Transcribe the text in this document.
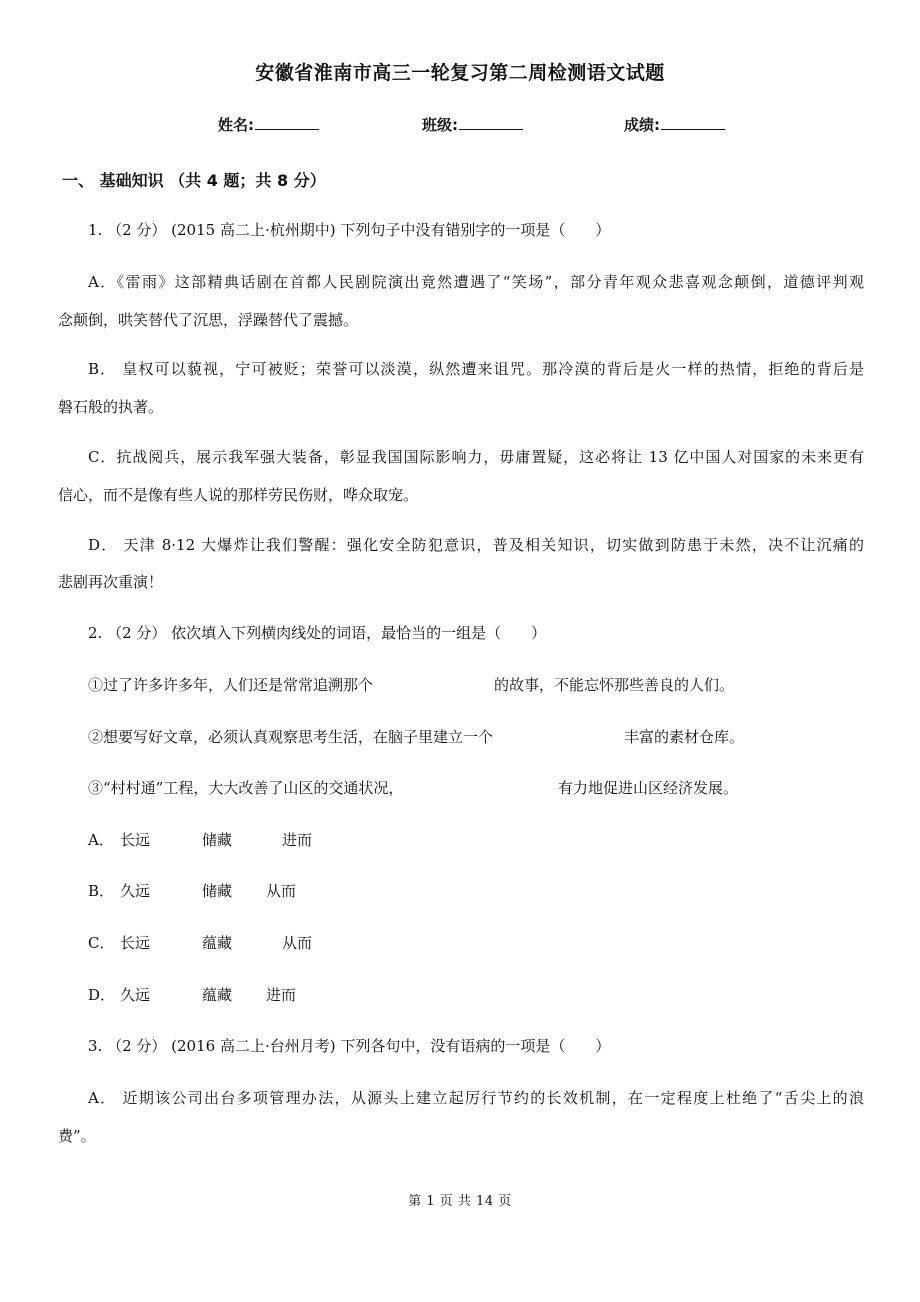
安徽省淮南市高三一轮复习第二周检测语文试题
姓名:	班级:	成绩:
一、 基础知识 （共 4 题；共 8 分）
1. （2 分） (2015 高二上·杭州期中) 下列句子中没有错别字的一项是（　　）
A．《雷雨》这部精典话剧在首都人民剧院演出竟然遭遇了“笑场”，部分青年观众悲喜观念颠倒，道德评判观
念颠倒，哄笑替代了沉思，浮躁替代了震撼。
B． 皇权可以藐视，宁可被贬；荣誉可以淡漠，纵然遭来诅咒。那冷漠的背后是火一样的热情，拒绝的背后是
磐石般的执著。
C．抗战阅兵，展示我军强大装备，彰显我国国际影响力，毋庸置疑，这必将让 13 亿中国人对国家的未来更有
信心，而不是像有些人说的那样劳民伤财，哗众取宠。
D． 天津 8·12 大爆炸让我们警醒：强化安全防犯意识，普及相关知识，切实做到防患于未然，决不让沉痛的
悲剧再次重演！
2. （2 分） 依次填入下列横肉线处的词语，最恰当的一组是（　　）
①过了许多许多年，人们还是常常追溯那个	的故事，不能忘怀那些善良的人们。
②想要写好文章，必须认真观察思考生活，在脑子里建立一个	丰富的素材仓库。
③“村村通”工程，大大改善了山区的交通状况，	有力地促进山区经济发展。
A． 长远	储藏	进而
B． 久远	储藏 从而
C． 长远	蕴藏	从而
D． 久远	蕴藏 进而
3. （2 分） (2016 高二上·台州月考) 下列各句中，没有语病的一项是（　　）
A． 近期该公司出台多项管理办法，从源头上建立起厉行节约的长效机制，在一定程度上杜绝了“舌尖上的浪
费”。
第 1 页 共 14 页
